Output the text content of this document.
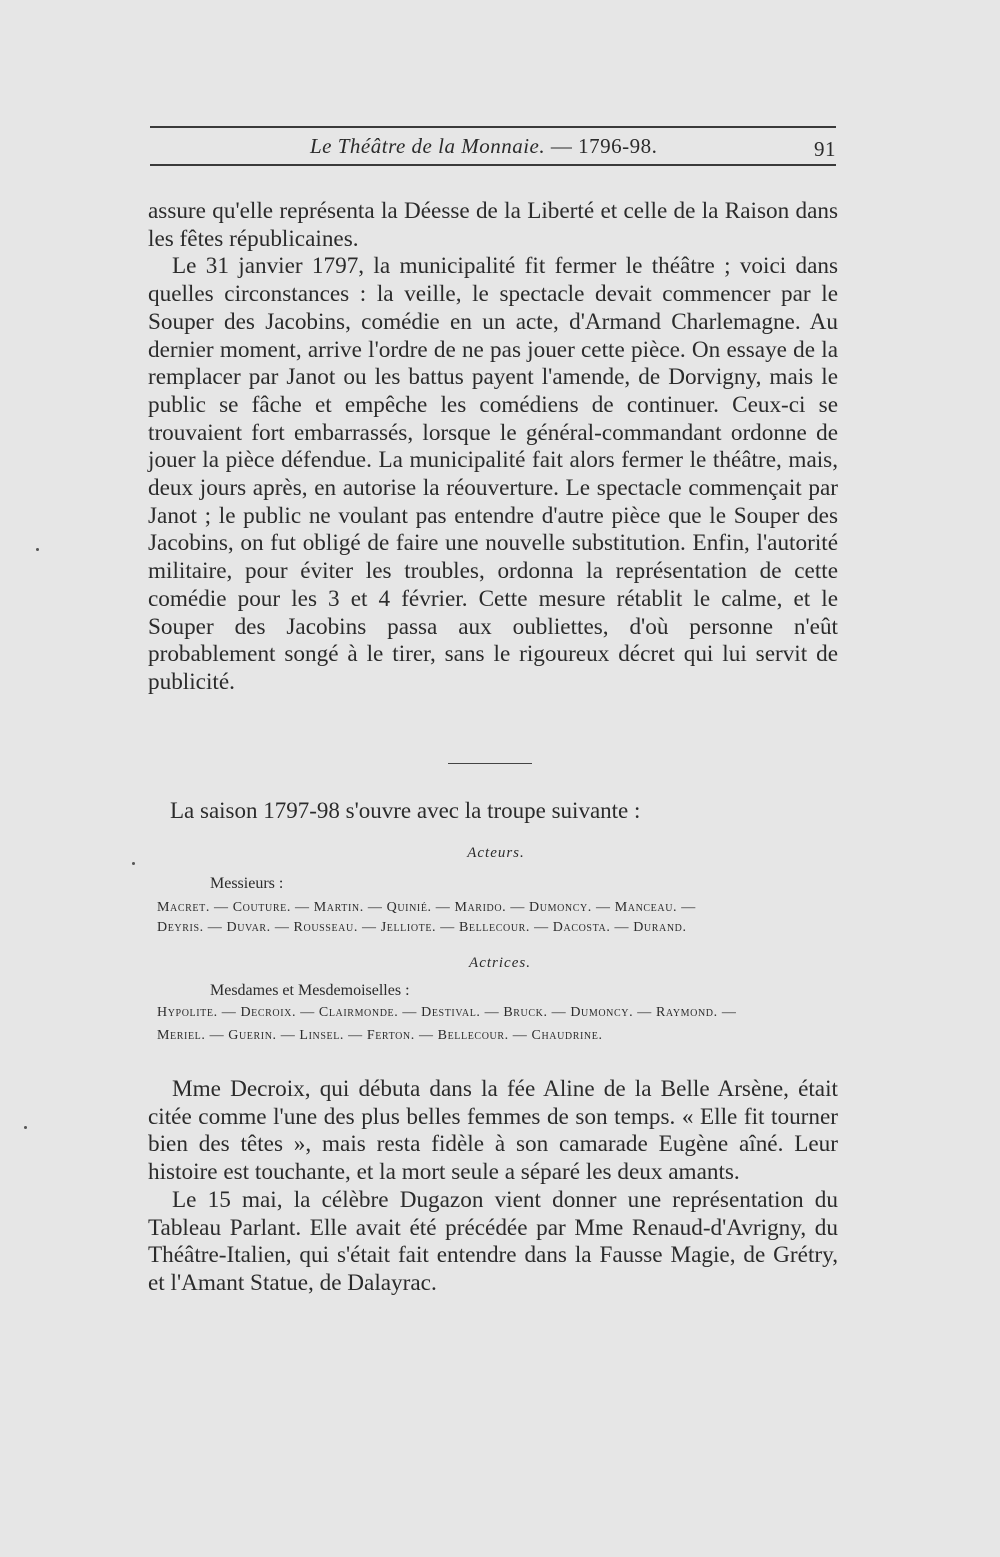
Le Théâtre de la Monnaie. — 1796-98.	91

assure qu'elle représenta la Déesse de la Liberté et celle de la Raison dans les fêtes républicaines.

Le 31 janvier 1797, la municipalité fit fermer le théâtre ; voici dans quelles circonstances : la veille, le spectacle devait commencer par le Souper des Jacobins, comédie en un acte, d'Armand Charlemagne. Au dernier moment, arrive l'ordre de ne pas jouer cette pièce. On essaye de la remplacer par Janot ou les battus payent l'amende, de Dorvigny, mais le public se fâche et empêche les comédiens de continuer. Ceux-ci se trouvaient fort embarrassés, lorsque le général-commandant ordonne de jouer la pièce défendue. La municipalité fait alors fermer le théâtre, mais, deux jours après, en autorise la réouverture. Le spectacle commençait par Janot ; le public ne voulant pas entendre d'autre pièce que le Souper des Jacobins, on fut obligé de faire une nouvelle substitution. Enfin, l'autorité militaire, pour éviter les troubles, ordonna la représentation de cette comédie pour les 3 et 4 février. Cette mesure rétablit le calme, et le Souper des Jacobins passa aux oubliettes, d'où personne n'eût probablement songé à le tirer, sans le rigoureux décret qui lui servit de publicité.

La saison 1797-98 s'ouvre avec la troupe suivante :
Acteurs.
Messieurs :
Macret. — Couture. — Martin. — Quinié. — Marido. — Dumoncy. — Manceau. —
Deyris. — Duvar. — Rousseau. — Jelliote. — Bellecour. — Dacosta. — Durand.
Actrices.
Mesdames et Mesdemoiselles :
Hypolite. — Decroix. — Clairmonde. — Destival. — Bruck. — Dumoncy. — Raymond. —
Meriel. — Guerin. — Linsel. — Ferton. — Bellecour. — Chaudrine.

Mme Decroix, qui débuta dans la fée Aline de la Belle Arsène, était citée comme l'une des plus belles femmes de son temps. « Elle fit tourner bien des têtes », mais resta fidèle à son camarade Eugène aîné. Leur histoire est touchante, et la mort seule a séparé les deux amants.

Le 15 mai, la célèbre Dugazon vient donner une représentation du Tableau Parlant. Elle avait été précédée par Mme Renaud-d'Avrigny, du Théâtre-Italien, qui s'était fait entendre dans la Fausse Magie, de Grétry, et l'Amant Statue, de Dalayrac.
